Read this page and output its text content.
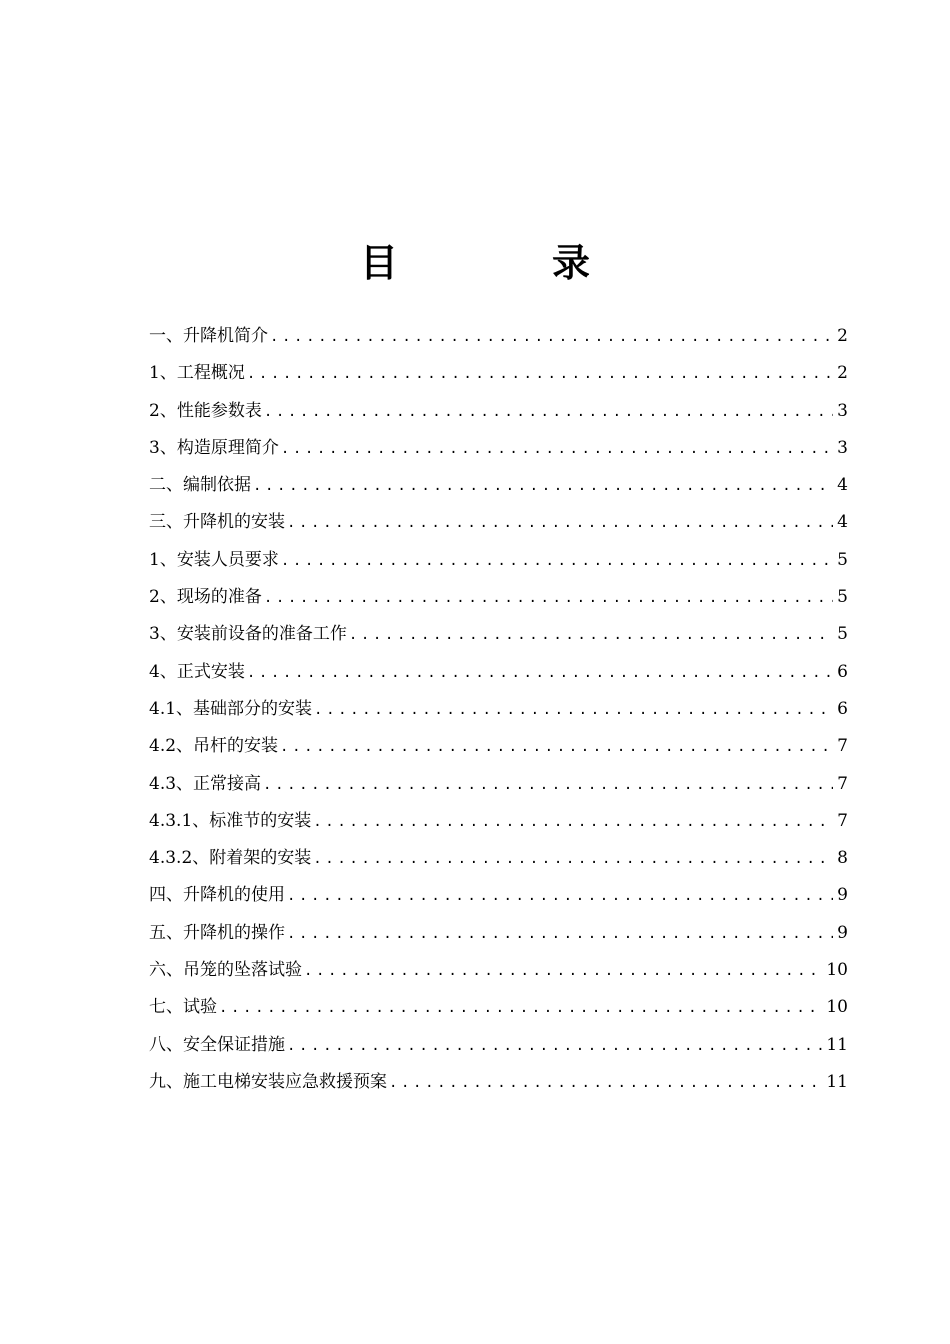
目　录
一、升降机简介 .....	2
1、工程概况 .....	2
2、性能参数表 .....	3
3、构造原理简介 .....	3
二、编制依据 .....	4
三、升降机的安装 .....	4
1、安装人员要求 .....	5
2、现场的准备 .....	5
3、安装前设备的准备工作 .....	5
4、正式安装 .....	6
4.1、基础部分的安装 .....	6
4.2、吊杆的安装 .....	7
4.3、正常接高 .....	7
4.3.1、标准节的安装 .....	7
4.3.2、附着架的安装 .....	8
四、升降机的使用 .....	9
五、升降机的操作 .....	9
六、吊笼的坠落试验 .....	10
七、试验 .....	10
八、安全保证措施 .....	11
九、施工电梯安装应急救援预案 .....	11
